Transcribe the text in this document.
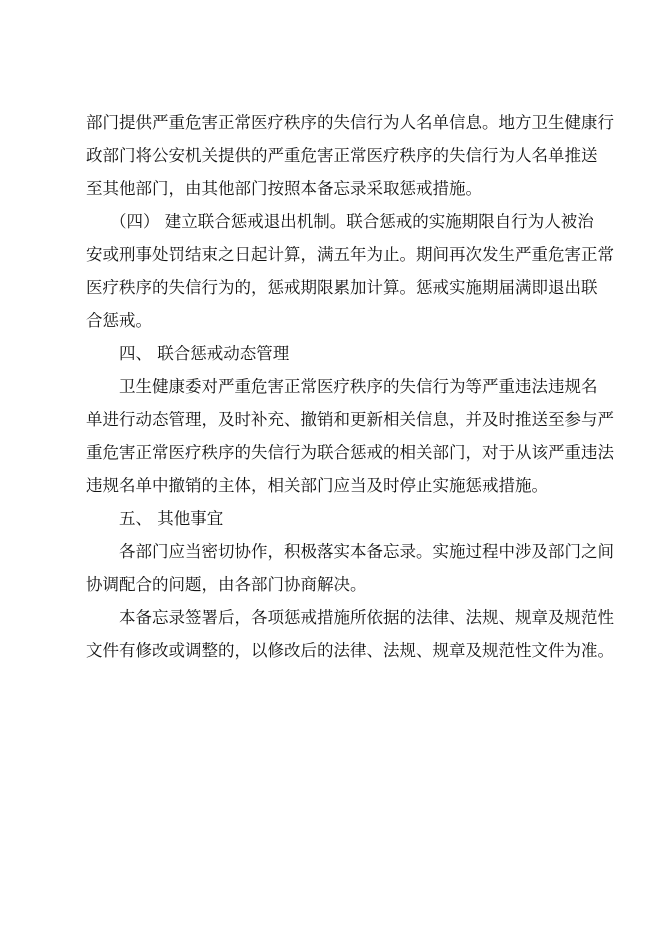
部门提供严重危害正常医疗秩序的失信行为人名单信息。地方卫生健康行
政部门将公安机关提供的严重危害正常医疗秩序的失信行为人名单推送
至其他部门，由其他部门按照本备忘录采取惩戒措施。
（四） 建立联合惩戒退出机制。联合惩戒的实施期限自行为人被治
安或刑事处罚结束之日起计算，满五年为止。期间再次发生严重危害正常
医疗秩序的失信行为的，惩戒期限累加计算。惩戒实施期届满即退出联
合惩戒。
四、 联合惩戒动态管理
卫生健康委对严重危害正常医疗秩序的失信行为等严重违法违规名
单进行动态管理，及时补充、撤销和更新相关信息，并及时推送至参与严
重危害正常医疗秩序的失信行为联合惩戒的相关部门，对于从该严重违法
违规名单中撤销的主体，相关部门应当及时停止实施惩戒措施。
五、 其他事宜
各部门应当密切协作，积极落实本备忘录。实施过程中涉及部门之间
协调配合的问题，由各部门协商解决。
本备忘录签署后，各项惩戒措施所依据的法律、法规、规章及规范性
文件有修改或调整的，以修改后的法律、法规、规章及规范性文件为准。
